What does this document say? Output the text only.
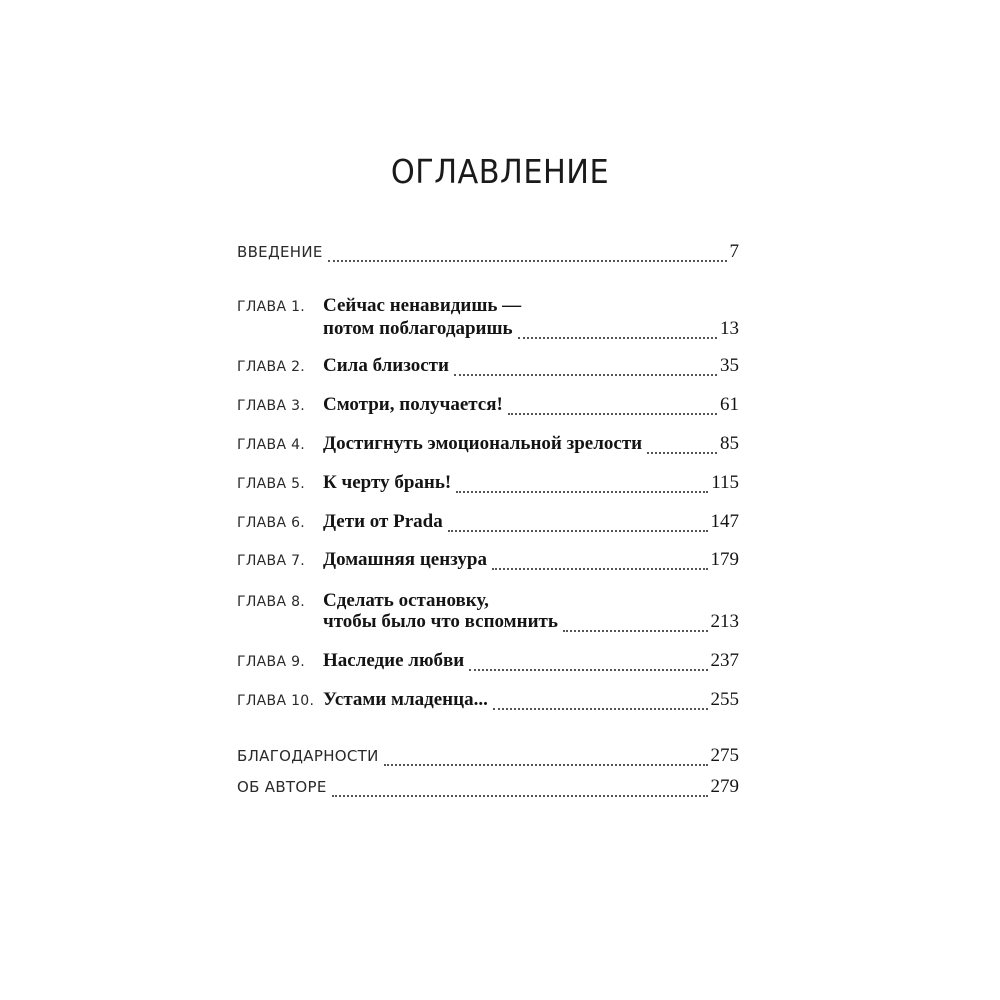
ОГЛАВЛЕНИЕ
ВВЕДЕНИЕ	7
ГЛАВА 1. Сейчас ненавидишь —
потом поблагодаришь	13
ГЛАВА 2. Сила близости	35
ГЛАВА 3. Смотри, получается!	61
ГЛАВА 4. Достигнуть эмоциональной зрелости	85
ГЛАВА 5. К черту брань!	115
ГЛАВА 6. Дети от Prada	147
ГЛАВА 7. Домашняя цензура	179
ГЛАВА 8. Сделать остановку,
чтобы было что вспомнить	213
ГЛАВА 9. Наследие любви	237
ГЛАВА 10. Устами младенца...	255
БЛАГОДАРНОСТИ	275
ОБ АВТОРЕ	279
